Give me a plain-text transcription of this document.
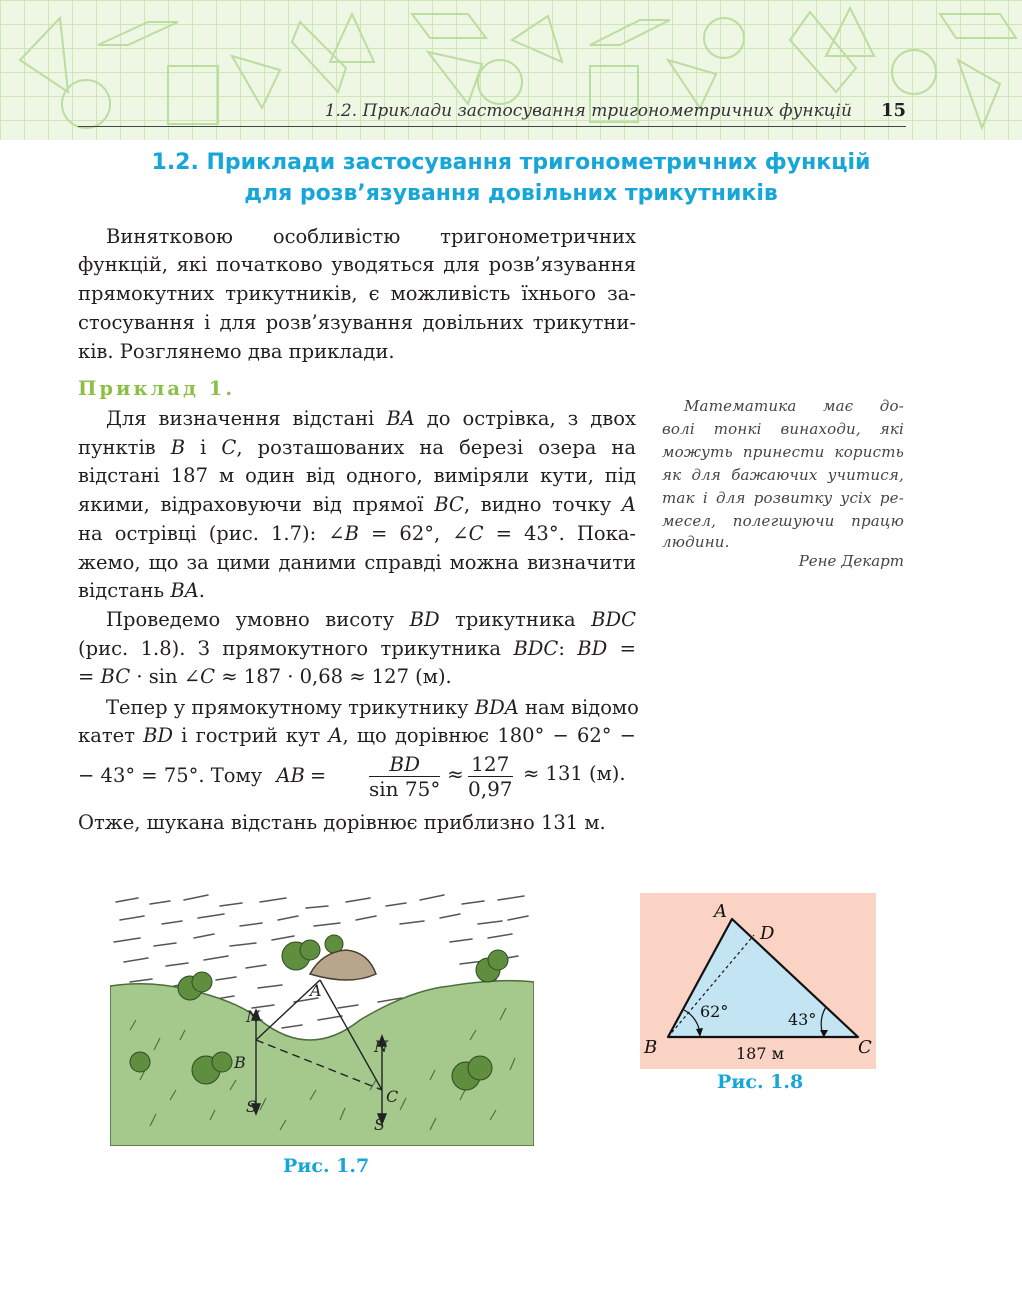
1.2. Приклади застосування тригонометричних функцій	15
1.2. Приклади застосування тригонометричних функцій
для розв’язування довільних трикутників
Винятковою особливістю тригонометричних
функцій, які початково уводяться для розв’язування
прямокутних трикутників, є можливість їхнього за-
стосування і для розв’язування довільних трикутни-
ків. Розглянемо два приклади.
Приклад 1.
Для визначення відстані BA до острівка, з двох
пунктів B і C, розташованих на березі озера на
відстані 187 м один від одного, виміряли кути, під
якими, відраховуючи від прямої BC, видно точку A
на острівці (рис. 1.7): ∠B = 62°, ∠C = 43°. Пока-
жемо, що за цими даними справді можна визначити
відстань BA.
Проведемо умовно висоту BD трикутника BDC
(рис. 1.8). З прямокутного трикутника BDC: BD =
= BC · sin ∠C ≈ 187 · 0,68 ≈ 127 (м).
Тепер у прямокутному трикутнику BDA нам відомо
катет BD і гострий кут A, що дорівнює 180° − 62° −
− 43° = 75°. Тому AB = $\frac{BD}{\sin 75^\circ} \approx \frac{127}{0,97} \approx 131$ (м).
Отже, шукана відстань дорівнює приблизно 131 м.
Математика має до-
волі тонкі винаходи, які
можуть принести користь
як для бажаючих учитися,
так і для розвитку усіх ре-
месел, полегшуючи працю
людини.
Рене Декарт
A
B
C
N
S
N
S
Рис. 1.7
A
D
B	C
62°	43°
187 м
Рис. 1.8
